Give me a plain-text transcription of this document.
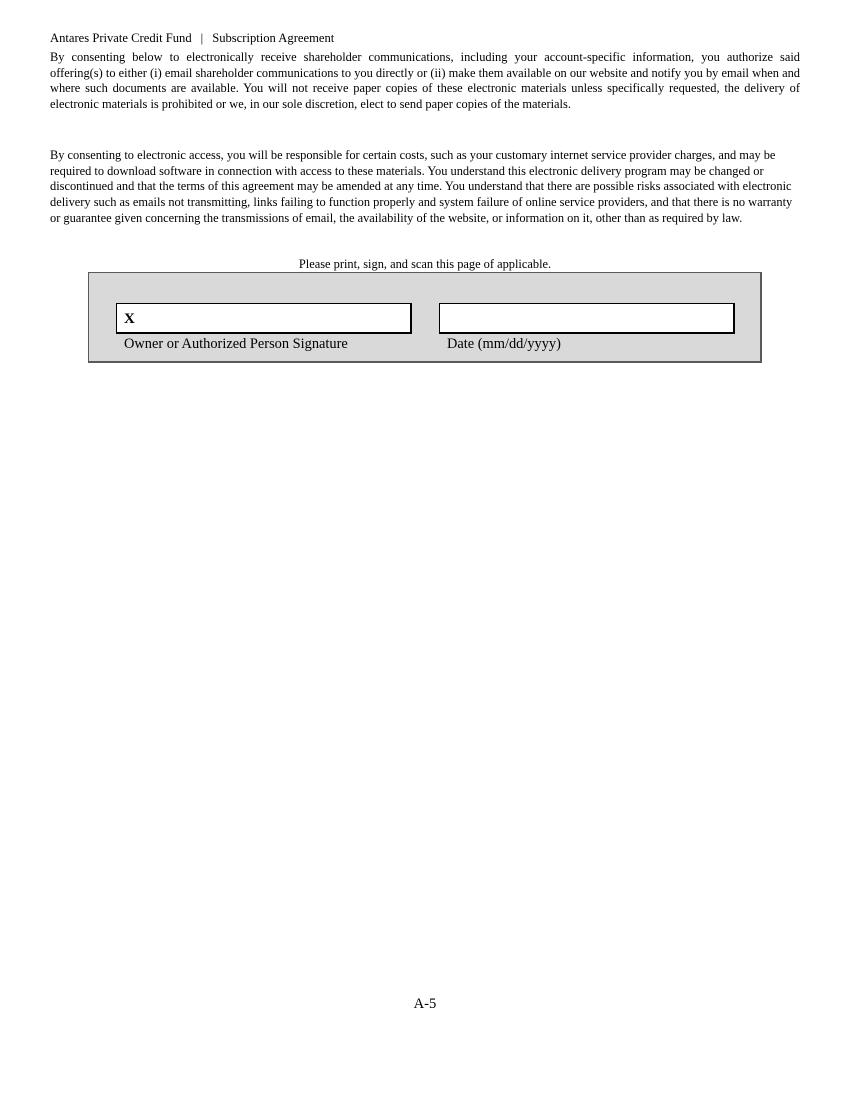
Antares Private Credit Fund | Subscription Agreement

By consenting below to electronically receive shareholder communications, including your account-specific information, you authorize said offering(s) to either (i) email shareholder communications to you directly or (ii) make them available on our website and notify you by email when and where such documents are available. You will not receive paper copies of these electronic materials unless specifically requested, the delivery of electronic materials is prohibited or we, in our sole discretion, elect to send paper copies of the materials.

By consenting to electronic access, you will be responsible for certain costs, such as your customary internet service provider charges, and may be required to download software in connection with access to these materials. You understand this electronic delivery program may be changed or discontinued and that the terms of this agreement may be amended at any time. You understand that there are possible risks associated with electronic delivery such as emails not transmitting, links failing to function properly and system failure of online service providers, and that there is no warranty or guarantee given concerning the transmissions of email, the availability of the website, or information on it, other than as required by law.

Please print, sign, and scan this page of applicable.
X
Owner or Authorized Person Signature	Date (mm/dd/yyyy)
A-5
